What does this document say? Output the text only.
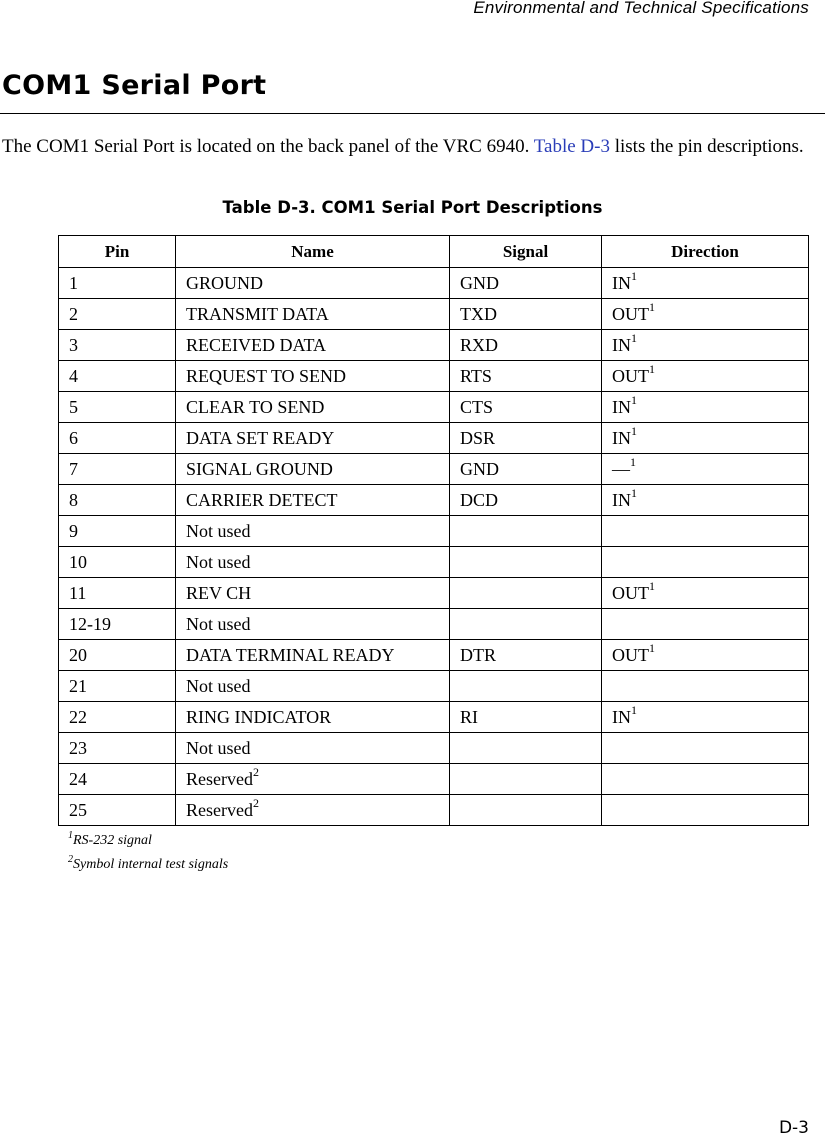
Environmental and Technical Specifications
COM1 Serial Port

The COM1 Serial Port is located on the back panel of the VRC 6940. Table D-3 lists the pin descriptions.

Table D-3. COM1 Serial Port Descriptions
Pin	Name	Signal	Direction
1	GROUND	GND	$IN^1$
2	TRANSMIT DATA	TXD	OUT$^1$
3	RECEIVED DATA	RXD	$IN^1$
4	REQUEST TO SEND	RTS	OUT$^1$
5	CLEAR TO SEND	CTS	$IN^1$
6	DATA SET READY	DSR	$IN^1$
7	SIGNAL GROUND	GND	—$^1$
8	CARRIER DETECT	DCD	$IN^1$
9	Not used		
10	Not used		
11	REV CH		OUT$^1$
12-19	Not used		
20	DATA TERMINAL READY	DTR	OUT$^1$
21	Not used		
22	RING INDICATOR	RI	$IN^1$
23	Not used		
24	Reserved$^2$		
25	Reserved$^2$		

$^1$RS-232 signal

$^2$Symbol internal test signals

D-3
